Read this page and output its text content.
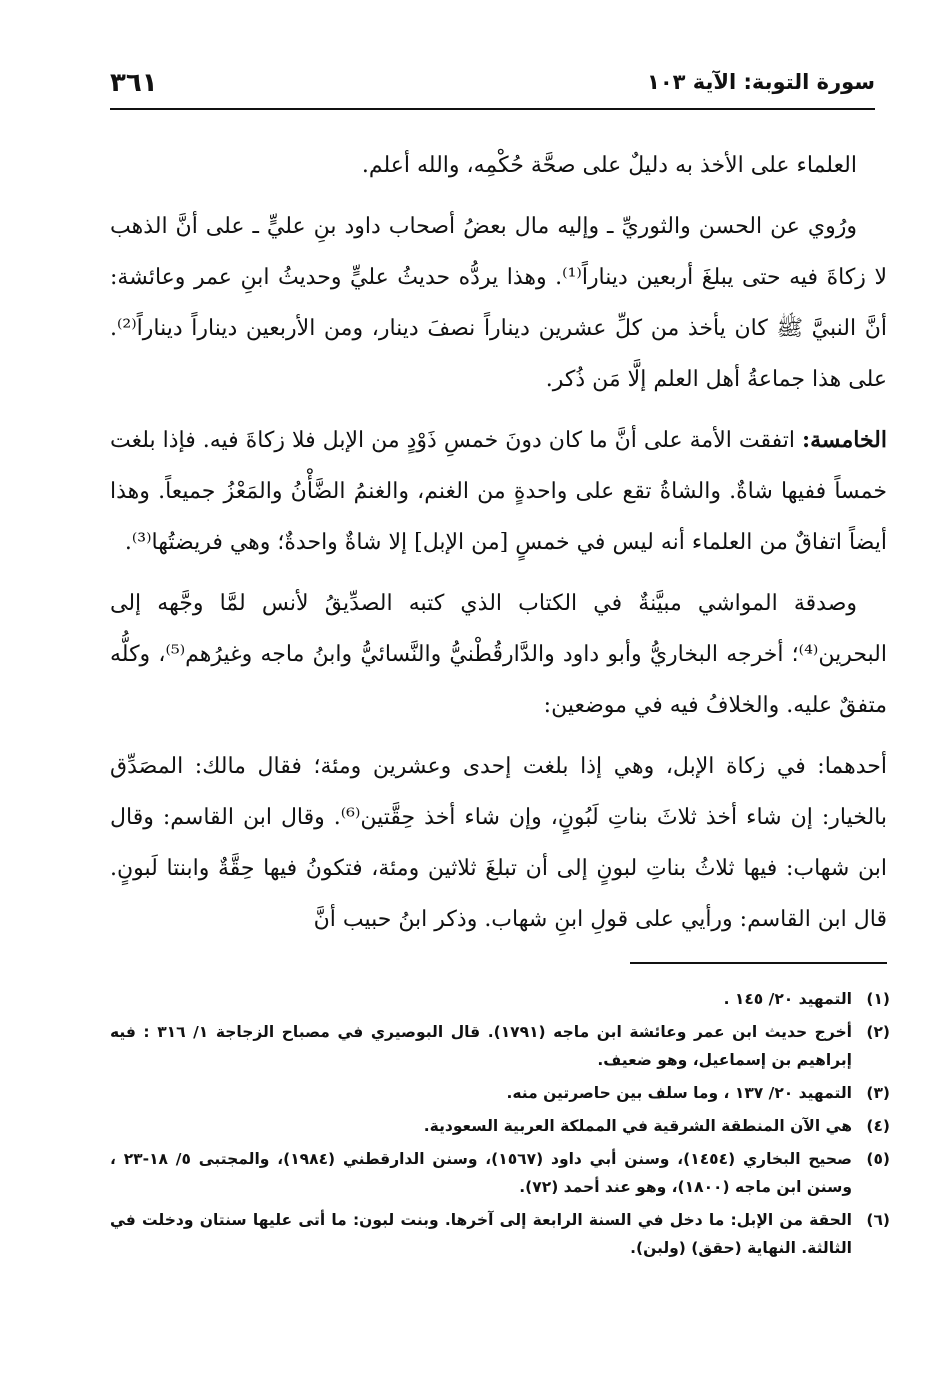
سورة التوبة: الآية ١٠٣
٣٦١

العلماء على الأخذ به دليلٌ على صحَّة حُكْمِه، والله أعلم.

ورُوي عن الحسن والثوريِّ ـ وإليه مال بعضُ أصحاب داود بنِ عليٍّ ـ على أنَّ الذهب لا زكاةَ فيه حتى يبلغَ أربعين ديناراً⁽¹⁾. وهذا يردُّه حديثُ عليٍّ وحديثُ ابنِ عمر وعائشة: أنَّ النبيَّ ﷺ كان يأخذ من كلِّ عشرين ديناراً نصفَ دينار، ومن الأربعين ديناراً ديناراً⁽²⁾. على هذا جماعةُ أهل العلم إلَّا مَن ذُكر.

الخامسة: اتفقت الأمة على أنَّ ما كان دونَ خمسِ ذَوْدٍ من الإبل فلا زكاةَ فيه. فإذا بلغت خمساً ففيها شاةٌ. والشاةُ تقع على واحدةٍ من الغنم، والغنمُ الضَّأْنُ والمَعْزُ جميعاً. وهذا أيضاً اتفاقٌ من العلماء أنه ليس في خمسٍ [من الإبل] إلا شاةٌ واحدةٌ؛ وهي فريضتُها⁽³⁾.

وصدقة المواشي مبيَّنةٌ في الكتاب الذي كتبه الصدِّيقُ لأنس لمَّا وجَّهه إلى البحرين⁽⁴⁾؛ أخرجه البخاريُّ وأبو داود والدَّارقُطْنيُّ والنَّسائيُّ وابنُ ماجه وغيرُهم⁽⁵⁾، وكلُّه متفقٌ عليه. والخلافُ فيه في موضعين:

أحدهما: في زكاة الإبل، وهي إذا بلغت إحدى وعشرين ومئة؛ فقال مالك: المصَدِّق بالخيار: إن شاء أخذ ثلاثَ بناتِ لَبُونٍ، وإن شاء أخذ حِقَّتين⁽⁶⁾. وقال ابن القاسم: وقال ابن شهاب: فيها ثلاثُ بناتِ لبونٍ إلى أن تبلغَ ثلاثين ومئة، فتكونُ فيها حِقَّةٌ وابنتا لَبونٍ. قال ابن القاسم: ورأيي على قولِ ابنِ شهاب. وذكر ابنُ حبيب أنَّ

(١)
التمهيد ٢٠/ ١٤٥ .
(٢)
أخرج حديث ابن عمر وعائشة ابن ماجه (١٧٩١). قال البوصيري في مصباح الزجاجة ١/ ٣١٦ : فيه إبراهيم بن إسماعيل، وهو ضعيف.
(٣)
التمهيد ٢٠/ ١٣٧ ، وما سلف بين حاصرتين منه.
(٤)
هي الآن المنطقة الشرقية في المملكة العربية السعودية.
(٥)
صحيح البخاري (١٤٥٤)، وسنن أبي داود (١٥٦٧)، وسنن الدارقطني (١٩٨٤)، والمجتبى ٥/ ١٨-٢٣ ، وسنن ابن ماجه (١٨٠٠)، وهو عند أحمد (٧٢).
(٦)
الحقة من الإبل: ما دخل في السنة الرابعة إلى آخرها. وبنت لبون: ما أتى عليها سنتان ودخلت في الثالثة. النهاية (حقق) (ولبن).
